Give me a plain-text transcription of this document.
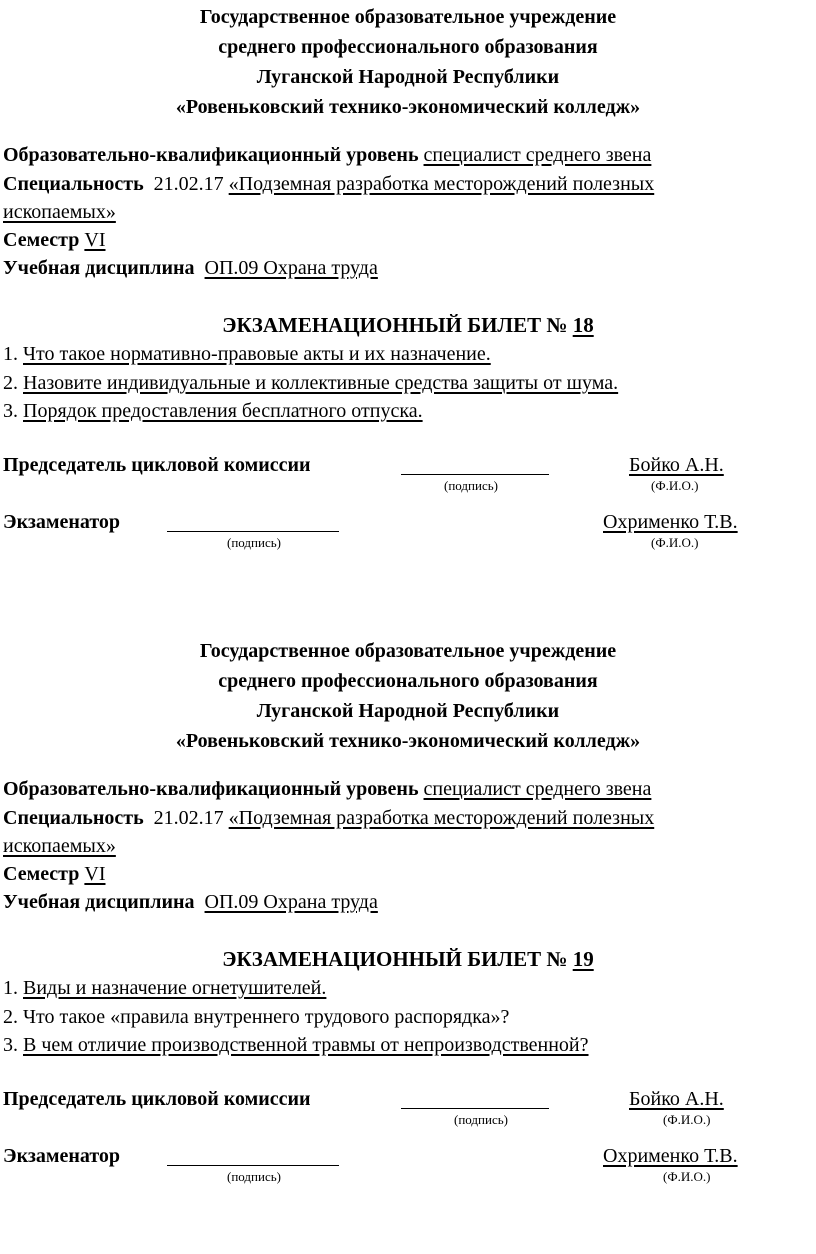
Государственное образовательное учреждение
среднего профессионального образования
Луганской Народной Республики
«Ровеньковский технико-экономический колледж»
Образовательно-квалификационный уровень специалист среднего звена
Специальность 21.02.17 «Подземная разработка месторождений полезных
ископаемых»
Семестр VI
Учебная дисциплина ОП.09 Охрана труда
ЭКЗАМЕНАЦИОННЫЙ БИЛЕТ № 18
1. Что такое нормативно-правовые акты и их назначение.
2. Назовите индивидуальные и коллективные средства защиты от шума.
3. Порядок предоставления бесплатного отпуска.
Председатель цикловой комиссии	Бойко А.Н.
(подпись)	(Ф.И.О.)
Экзаменатор	Охрименко Т.В.
(подпись)	(Ф.И.О.)
Государственное образовательное учреждение
среднего профессионального образования
Луганской Народной Республики
«Ровеньковский технико-экономический колледж»
Образовательно-квалификационный уровень специалист среднего звена
Специальность 21.02.17 «Подземная разработка месторождений полезных
ископаемых»
Семестр VI
Учебная дисциплина ОП.09 Охрана труда
ЭКЗАМЕНАЦИОННЫЙ БИЛЕТ № 19
1. Виды и назначение огнетушителей.
2. Что такое «правила внутреннего трудового распорядка»?
3. В чем отличие производственной травмы от непроизводственной?
Председатель цикловой комиссии	Бойко А.Н.
(подпись)	(Ф.И.О.)
Экзаменатор	Охрименко Т.В.
(подпись)	(Ф.И.О.)
